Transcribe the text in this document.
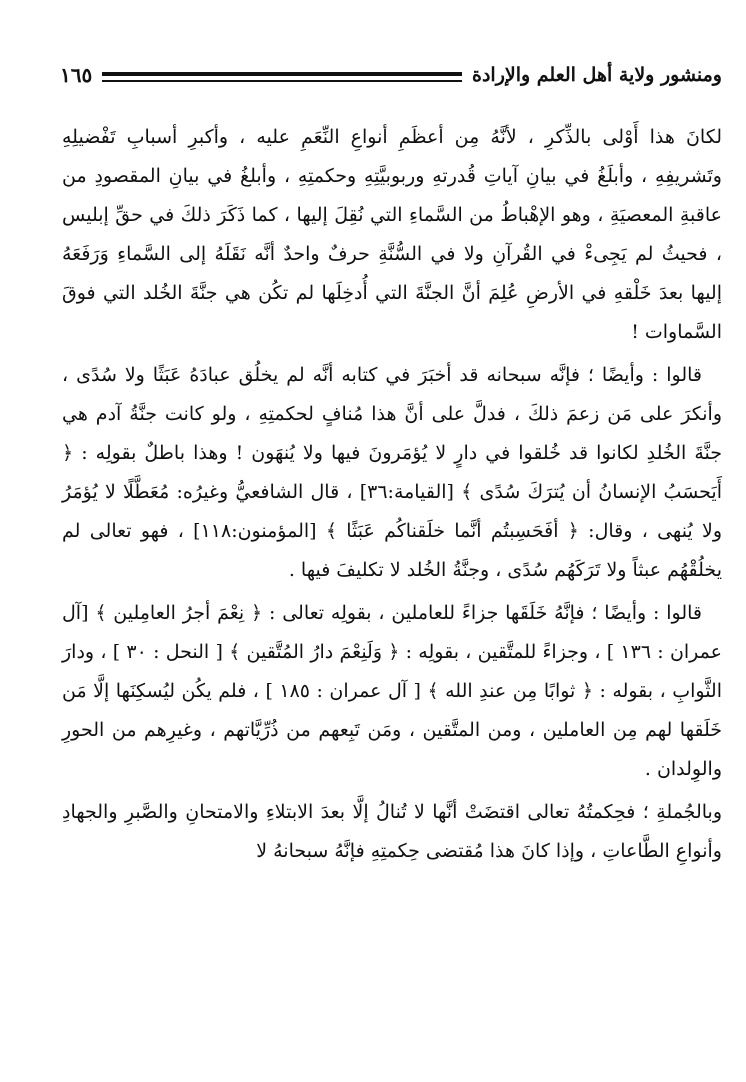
ومنشور ولاية أهل العلم والإرادة
١٦٥

لكانَ هذا أَوْلى بالذِّكرِ ، لأنَّهُ مِن أعظَمِ أنواعِ النِّعَمِ عليه ، وأكبرِ أسبابِ تَفْضيلِهِ وتَشريفِهِ ، وأبلَغُ في بيانِ آياتِ قُدرتهِ وربوبيَّتِهِ وحكمتِهِ ، وأبلغُ في بيانِ المقصودِ من عاقبةِ المعصيَةِ ، وهو الإهْباطُ من السَّماءِ التي نُقِلَ إليها ، كما ذَكَرَ ذلكَ في حقِّ إبليس ، فحيثُ لم يَجِىءْ في القُرآنِ ولا في السُّنَّةِ حرفٌ واحدٌ أنَّه نَقَلَهُ إلى السَّماءِ وَرَفَعَهُ إليها بعدَ خَلْقهِ في الأرضِ عُلِمَ أنَّ الجنَّةَ التي أُدخِلَها لم تكُن هي جنَّةَ الخُلد التي فوقَ السَّماوات !

قالوا : وأيضًا ؛ فإنَّه سبحانه قد أخبَرَ في كتابه أنَّه لم يخلُق عبادَهُ عَبَثًا ولا سُدًى ، وأنكرَ على مَن زعمَ ذلكَ ، فدلَّ على أنَّ هذا مُنافٍ لحكمتِهِ ، ولو كانت جنَّةُ آدم هي جنَّةَ الخُلدِ لكانوا قد خُلقوا في دارٍ لا يُؤمَرونَ فيها ولا يُنهَون ! وهذا باطلٌ بقولِه : ﴿ أَيَحسَبُ الإنسانُ أن يُترَكَ سُدًى ﴾ [القيامة:٣٦] ، قال الشافعيُّ وغيرُه: مُعَطَّلًا لا يُؤمَرُ ولا يُنهى ، وقال: ﴿ أفَحَسِبتُم أنَّما خلَقناكُم عَبَثًا ﴾ [المؤمنون:١١٨] ، فهو تعالى لم يخلُقْهُم عبثاً ولا تَرَكَهُم سُدًى ، وجنَّةُ الخُلد لا تكليفَ فيها .

قالوا : وأيضًا ؛ فإنَّهُ خَلَقَها جزاءً للعاملين ، بقولِه تعالى : ﴿ نِعْمَ أجرُ العامِلين ﴾ [آل عمران : ١٣٦ ] ، وجزاءً للمتَّقين ، بقولِه : ﴿ وَلَنِعْمَ دارُ المُتَّقين ﴾ [ النحل : ٣٠ ] ، ودارَ الثَّوابِ ، بقوله : ﴿ ثوابًا مِن عندِ الله ﴾ [ آل عمران : ١٨٥ ] ، فلم يكُن ليُسكِنَها إلَّا مَن خَلَقها لهم مِن العاملين ، ومن المتَّقين ، ومَن تَبِعهم من ذُرِّيَّاتهم ، وغيرِهم من الحورِ والوِلدان .

وبالجُملةِ ؛ فحِكمتُهُ تعالى اقتضَتْ أنَّها لا تُنالُ إلَّا بعدَ الابتلاءِ والامتحانِ والصَّبرِ والجهادِ وأنواعِ الطَّاعاتِ ، وإذا كانَ هذا مُقتضى حِكمتِهِ فإنَّهُ سبحانهُ لا
